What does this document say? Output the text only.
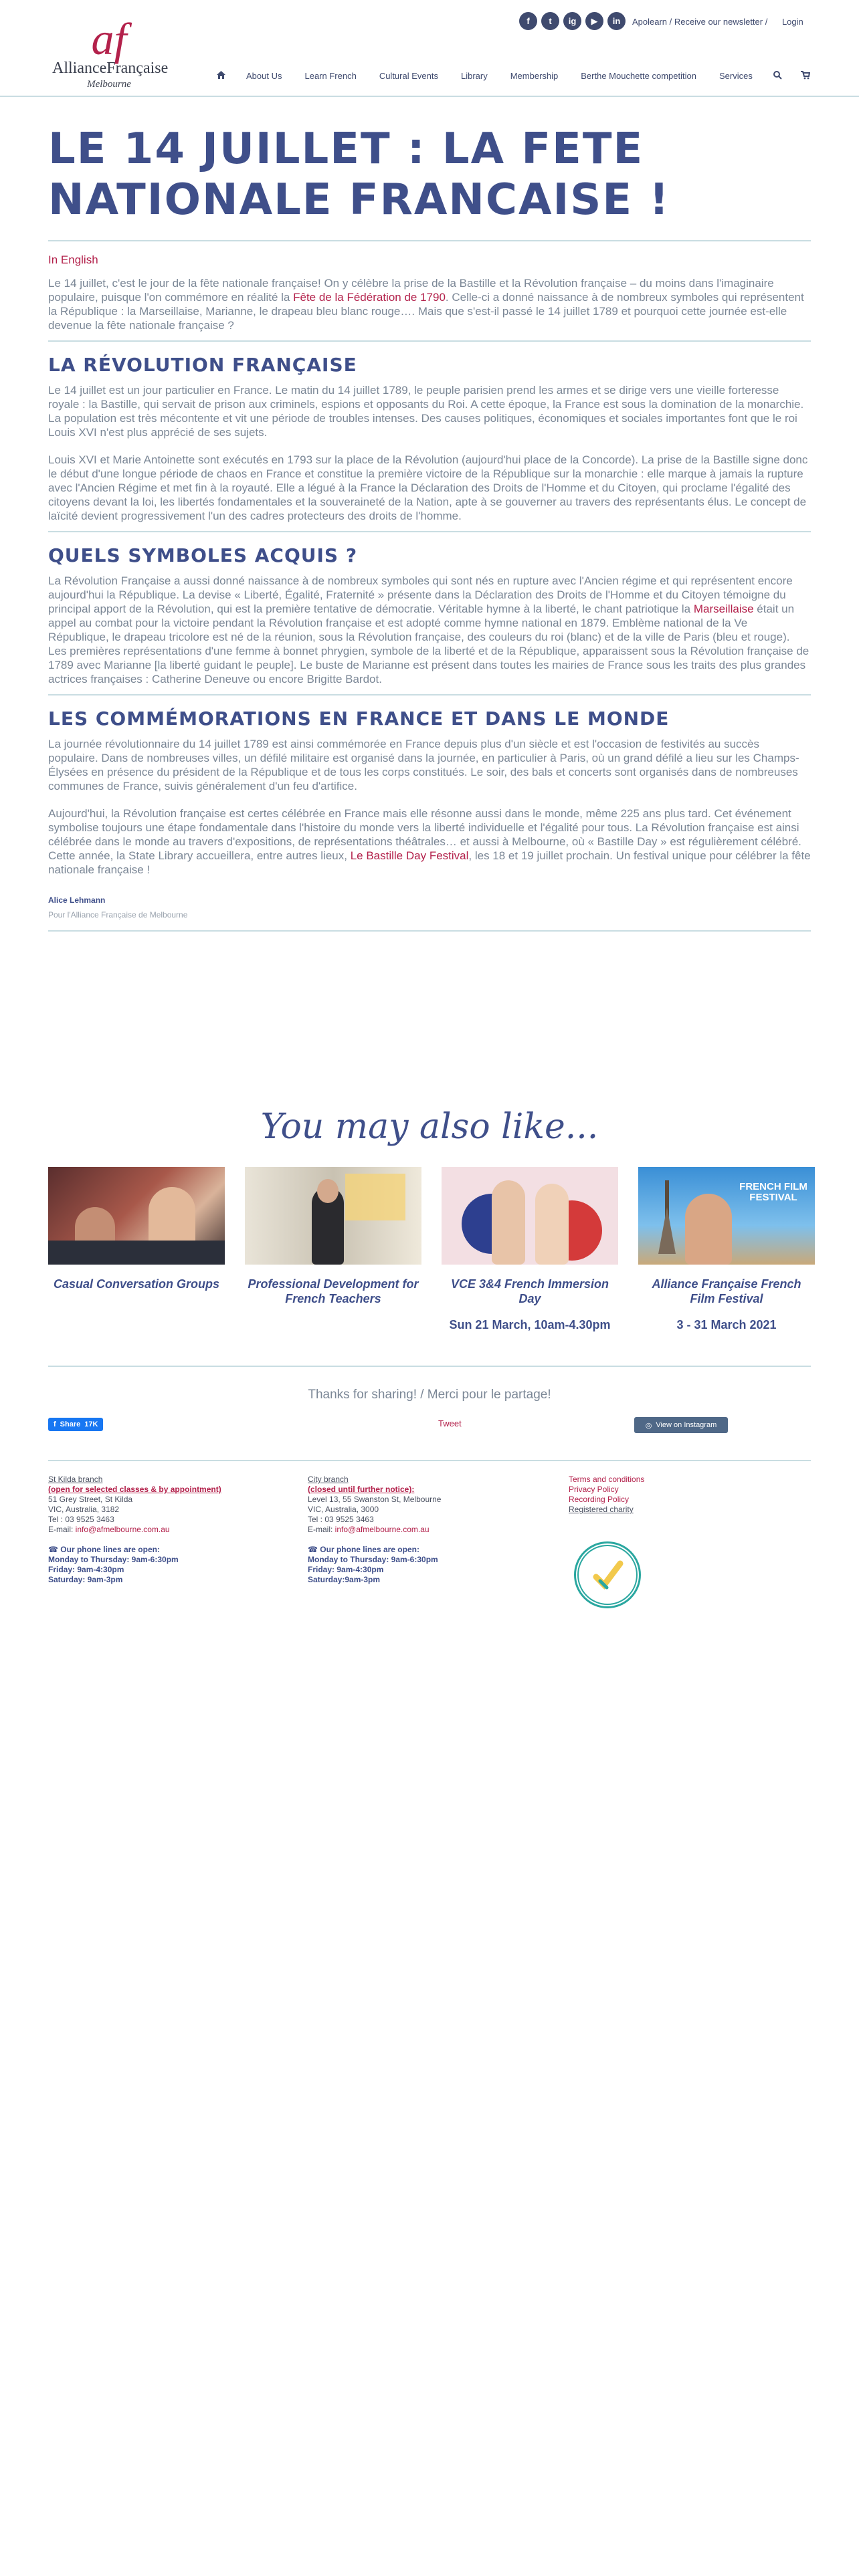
af
AllianceFrançaise
Melbourne
f	t	ig	▶	in	Apolearn / Receive our newsletter / Login
About Us	Learn French	Cultural Events	Library	Membership	Berthe Mouchette competition	Services
LE 14 JUILLET : LA FETE NATIONALE FRANCAISE !
In English

Le 14 juillet, c'est le jour de la fête nationale française! On y célèbre la prise de la Bastille et la Révolution française – du moins dans l'imaginaire populaire, puisque l'on commémore en réalité la Fête de la Fédération de 1790. Celle-ci a donné naissance à de nombreux symboles qui représentent la République : la Marseillaise, Marianne, le drapeau bleu blanc rouge…. Mais que s'est-il passé le 14 juillet 1789 et pourquoi cette journée est-elle devenue la fête nationale française ?

LA RÉVOLUTION FRANÇAISE

Le 14 juillet est un jour particulier en France. Le matin du 14 juillet 1789, le peuple parisien prend les armes et se dirige vers une vieille forteresse royale : la Bastille, qui servait de prison aux criminels, espions et opposants du Roi. A cette époque, la France est sous la domination de la monarchie. La population est très mécontente et vit une période de troubles intenses. Des causes politiques, économiques et sociales importantes font que le roi Louis XVI n'est plus apprécié de ses sujets.

Louis XVI et Marie Antoinette sont exécutés en 1793 sur la place de la Révolution (aujourd'hui place de la Concorde). La prise de la Bastille signe donc le début d'une longue période de chaos en France et constitue la première victoire de la République sur la monarchie : elle marque à jamais la rupture avec l'Ancien Régime et met fin à la royauté. Elle a légué à la France la Déclaration des Droits de l'Homme et du Citoyen, qui proclame l'égalité des citoyens devant la loi, les libertés fondamentales et la souveraineté de la Nation, apte à se gouverner au travers des représentants élus. Le concept de laïcité devient progressivement l'un des cadres protecteurs des droits de l'homme.

QUELS SYMBOLES ACQUIS ?

La Révolution Française a aussi donné naissance à de nombreux symboles qui sont nés en rupture avec l'Ancien régime et qui représentent encore aujourd'hui la République. La devise « Liberté, Égalité, Fraternité » présente dans la Déclaration des Droits de l'Homme et du Citoyen témoigne du principal apport de la Révolution, qui est la première tentative de démocratie. Véritable hymne à la liberté, le chant patriotique la Marseillaise était un appel au combat pour la victoire pendant la Révolution française et est adopté comme hymne national en 1879. Emblème national de la Ve République, le drapeau tricolore est né de la réunion, sous la Révolution française, des couleurs du roi (blanc) et de la ville de Paris (bleu et rouge). Les premières représentations d'une femme à bonnet phrygien, symbole de la liberté et de la République, apparaissent sous la Révolution française de 1789 avec Marianne [la liberté guidant le peuple]. Le buste de Marianne est présent dans toutes les mairies de France sous les traits des plus grandes actrices françaises : Catherine Deneuve ou encore Brigitte Bardot.

LES COMMÉMORATIONS EN FRANCE ET DANS LE MONDE

La journée révolutionnaire du 14 juillet 1789 est ainsi commémorée en France depuis plus d'un siècle et est l'occasion de festivités au succès populaire. Dans de nombreuses villes, un défilé militaire est organisé dans la journée, en particulier à Paris, où un grand défilé a lieu sur les Champs-Élysées en présence du président de la République et de tous les corps constitués. Le soir, des bals et concerts sont organisés dans de nombreuses communes de France, suivis généralement d'un feu d'artifice.

Aujourd'hui, la Révolution française est certes célébrée en France mais elle résonne aussi dans le monde, même 225 ans plus tard. Cet événement symbolise toujours une étape fondamentale dans l'histoire du monde vers la liberté individuelle et l'égalité pour tous. La Révolution française est ainsi célébrée dans le monde au travers d'expositions, de représentations théâtrales… et aussi à Melbourne, où « Bastille Day » est régulièrement célébré. Cette année, la State Library accueillera, entre autres lieux, Le Bastille Day Festival, les 18 et 19 juillet prochain. Un festival unique pour célébrer la fête nationale française !

Alice Lehmann
Pour l'Alliance Française de Melbourne
You may also like...
Casual Conversation Groups	Professional Development for French Teachers
VCE 3&4 French Immersion Day
Sun 21 March, 10am-4.30pm
FRENCH FILM
FESTIVAL
Alliance Française French Film Festival
3 - 31 March 2021
Thanks for sharing! / Merci pour le partage!
f Share 17K	Tweet	◎ View on Instagram
St Kilda branch
(open for selected classes & by appointment)
51 Grey Street, St Kilda
VIC, Australia, 3182
Tel : 03 9525 3463
E-mail: info@afmelbourne.com.au
☎ Our phone lines are open:
Monday to Thursday: 9am-6:30pm
Friday: 9am-4:30pm
Saturday: 9am-3pm
City branch
(closed until further notice):
Level 13, 55 Swanston St, Melbourne
VIC, Australia, 3000
Tel : 03 9525 3463
E-mail: info@afmelbourne.com.au
☎ Our phone lines are open:
Monday to Thursday: 9am-6:30pm
Friday: 9am-4:30pm
Saturday:9am-3pm
Terms and conditions
Privacy Policy
Recording Policy
Registered charity
